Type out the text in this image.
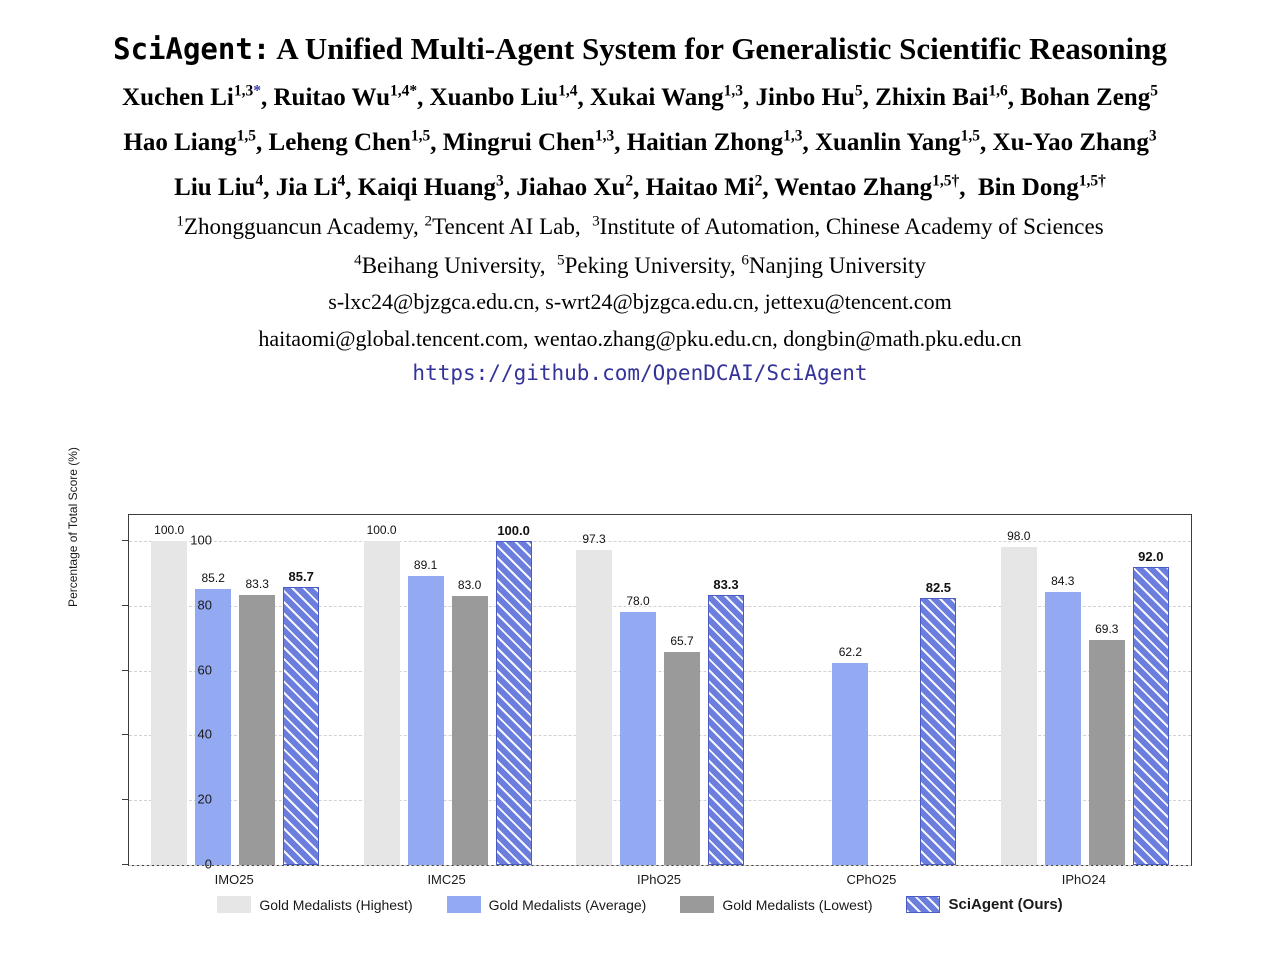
SciAgent: A Unified Multi-Agent System for Generalistic Scientific Reasoning
Xuchen $Li^{1,3*}$, Ruitao $Wu^{1,4*}$, Xuanbo Liu$^{1,4}$, Xukai Wang$^{1,3}$, Jinbo Hu$^5$, Zhixin Bai$^{1,6}$, Bohan Zeng$^5$
Hao Liang$^{1,5}$, Leheng Chen$^{1,5}$, Mingrui Chen$^{1,3}$, Haitian Zhong$^{1,3}$, Xuanlin Yang$^{1,5}$, Xu-Yao Zhang$^3$
Liu Liu$^4$, Jia Li$^4$, Kaiqi Huang$^3$, Jiahao Xu$^2$, Haitao Mi$^2$, Wentao Zhang$^{1,5\dagger}$,  Bin Dong$^{1,5\dagger}$
$^1$Zhongguancun Academy, $^2$Tencent AI Lab,  $^3$Institute of Automation, Chinese Academy of Sciences
$^4$Beihang University,  $^5$Peking University, $^6$Nanjing University
s-lxc24@bjzgca.edu.cn, s-wrt24@bjzgca.edu.cn, jettexu@tencent.com
haitaomi@global.tencent.com, wentao.zhang@pku.edu.cn, dongbin@math.pku.edu.cn
https://github.com/OpenDCAI/SciAgent
Percentage of Total Score (%)	100.0
85.2 83.3 85.7
100.0
89.1
83.0
100.0
97.3
78.0
65.7
83.3
62.2
82.5
98.0
84.3
69.3
92.0
0
20
40
60
80
100
IMO25	IMC25	IPhO25	CPhO25	IPhO24
Gold Medalists (Highest)	Gold Medalists (Average)	Gold Medalists (Lowest)	SciAgent (Ours)
